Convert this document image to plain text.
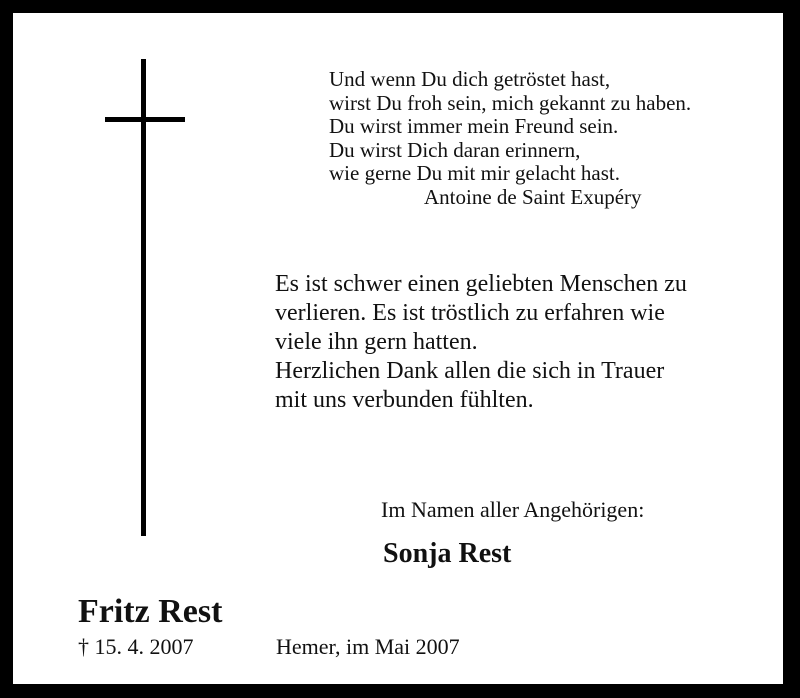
Und wenn Du dich getröstet hast,
wirst Du froh sein, mich gekannt zu haben.
Du wirst immer mein Freund sein.
Du wirst Dich daran erinnern,
wie gerne Du mit mir gelacht hast.
Antoine de Saint Exupéry
Es ist schwer einen geliebten Menschen zu
verlieren. Es ist tröstlich zu erfahren wie
viele ihn gern hatten.
Herzlichen Dank allen die sich in Trauer
mit uns verbunden fühlten.
Im Namen aller Angehörigen:
Sonja Rest
Fritz Rest
† 15. 4. 2007	Hemer, im Mai 2007
